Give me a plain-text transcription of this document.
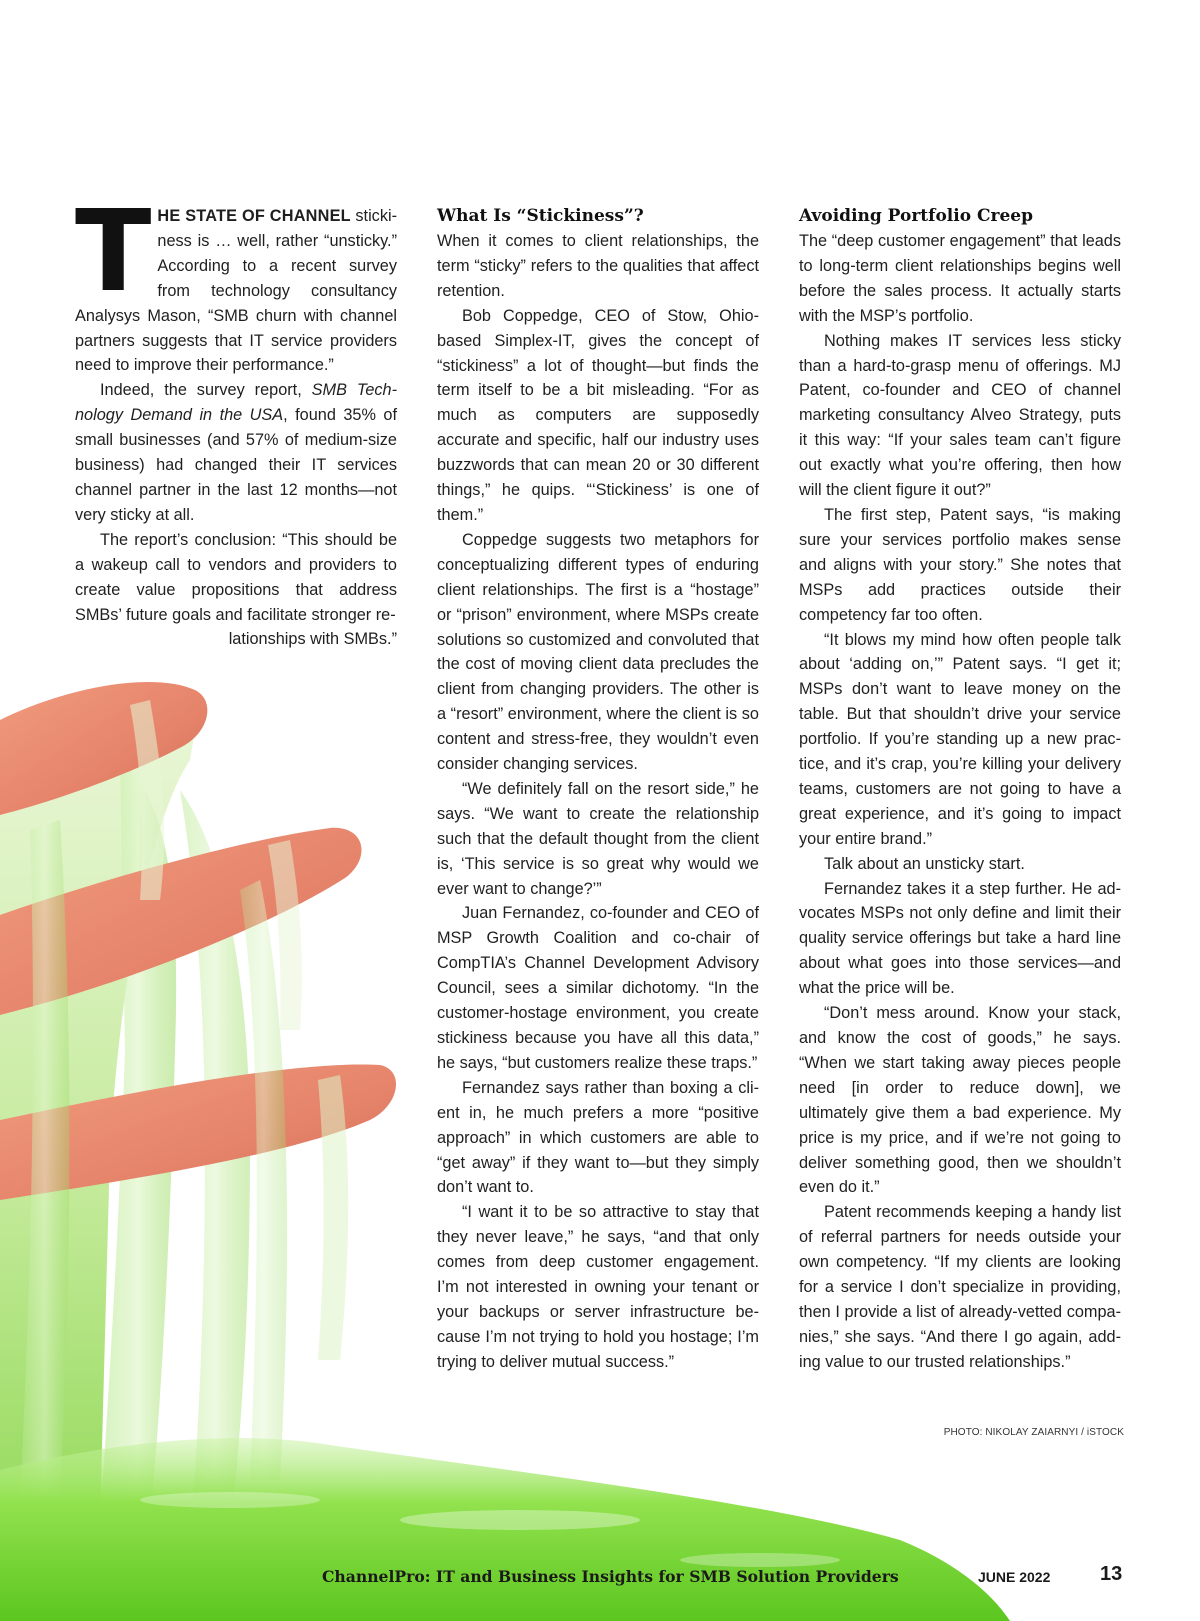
THE STATE OF CHANNEL stickiness is … well, rather “unsticky.” According to a recent survey from technology consultancy Analysys Mason, “SMB churn with channel partners suggests that IT service providers need to improve their performance.”

Indeed, the survey report, SMB Technology Demand in the USA, found 35% of small businesses (and 57% of medium-size business) had changed their IT services channel partner in the last 12 months—not very sticky at all.

The report’s conclusion: “This should be a wakeup call to vendors and providers to create value propositions that address SMBs’ future goals and facilitate stronger re-

lationships with SMBs.”

What Is “Stickiness”?

When it comes to client relationships, the term “sticky” refers to the qualities that affect retention.

Bob Coppedge, CEO of Stow, Ohio-based Simplex-IT, gives the concept of “stickiness” a lot of thought—but finds the term itself to be a bit misleading. “For as much as computers are supposedly accurate and specific, half our industry uses buzzwords that can mean 20 or 30 different things,” he quips. “‘Stickiness’ is one of them.”

Coppedge suggests two metaphors for conceptualizing different types of enduring client relationships. The first is a “hostage” or “prison” environment, where MSPs create solutions so customized and convoluted that the cost of moving client data precludes the client from changing providers. The other is a “resort” environment, where the client is so content and stress-free, they wouldn’t even consider changing services.

“We definitely fall on the resort side,” he says. “We want to create the relationship such that the default thought from the client is, ‘This service is so great why would we ever want to change?’”

Juan Fernandez, co-founder and CEO of MSP Growth Coalition and co-chair of CompTIA’s Channel Development Advisory Council, sees a similar dichotomy. “In the customer-hostage environment, you create stickiness because you have all this data,” he says, “but customers realize these traps.”

Fernandez says rather than boxing a client in, he much prefers a more “positive approach” in which customers are able to “get away” if they want to—but they simply don’t want to.

“I want it to be so attractive to stay that they never leave,” he says, “and that only comes from deep customer engagement. I’m not interested in owning your tenant or your backups or server infrastructure because I’m not trying to hold you hostage; I’m trying to deliver mutual success.”

Avoiding Portfolio Creep

The “deep customer engagement” that leads to long-term client relationships begins well before the sales process. It actually starts with the MSP’s portfolio.

Nothing makes IT services less sticky than a hard-to-grasp menu of offerings. MJ Patent, co-founder and CEO of channel marketing consultancy Alveo Strategy, puts it this way: “If your sales team can’t figure out exactly what you’re offering, then how will the client figure it out?”

The first step, Patent says, “is making sure your services portfolio makes sense and aligns with your story.” She notes that MSPs add practices outside their competency far too often.

“It blows my mind how often people talk about ‘adding on,’” Patent says. “I get it; MSPs don’t want to leave money on the table. But that shouldn’t drive your service portfolio. If you’re standing up a new practice, and it’s crap, you’re killing your delivery teams, customers are not going to have a great experience, and it’s going to impact your entire brand.”

Talk about an unsticky start.

Fernandez takes it a step further. He advocates MSPs not only define and limit their quality service offerings but take a hard line about what goes into those services—and what the price will be.

“Don’t mess around. Know your stack, and know the cost of goods,” he says. “When we start taking away pieces people need [in order to reduce down], we ultimately give them a bad experience. My price is my price, and if we’re not going to deliver something good, then we shouldn’t even do it.”

Patent recommends keeping a handy list of referral partners for needs outside your own competency. “If my clients are looking for a service I don’t specialize in providing, then I provide a list of already-vetted companies,” she says. “And there I go again, adding value to our trusted relationships.”

PHOTO: NIKOLAY ZAIARNYI / iSTOCK
ChannelPro: IT and Business Insights for SMB Solution Providers	JUNE 2022 13
